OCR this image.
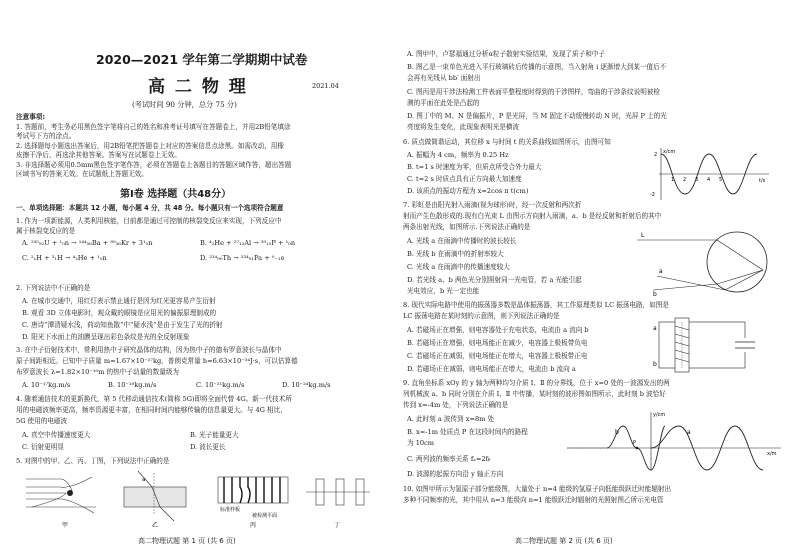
2020—2021 学年第二学期期中试卷
高 二 物 理	2021.04
(考试时间 90 分钟，总分 75 分)
注意事项:
1. 答题前，考生务必用黑色签字笔将自己的姓名和准考证号填写在答题卷上，并用2B铅笔填涂
考试号下方的涂点。
2. 选择题每小题选出答案后，用2B铅笔把答题卷上对应的答案信息点涂黑。如需改动，用橡
皮擦干净后，再选涂其他答案。答案写在试题卷上无效。
3. 非选择题必须用0.5mm黑色签字笔作答，必须在答题卷上各题目的答题区域作答，超出答题
区域书写的答案无效。在试题纸上答题无效。
第Ⅰ卷 选择题（共48分）
一、单项选择题：本题共 12 小题，每小题 4 分，共 48 分。每小题只有一个选项符合题意
1. 作为一项新能源，人类利用核能，目前都是通过可控制的核裂变反应来实现，下列反应中
属于核裂变反应的是
A. ²³⁵₉₂U + ¹₀n → ¹⁴⁴₅₆Ba + ⁸⁹₃₆Kr + 3¹₀n	B. ⁴₂He + ²⁷₁₃Al → ³⁰₁₅P + ¹₀n
C. ²₁H + ³₁H → ⁴₂He + ¹₀n	D. ²³⁴₉₀Th → ²³⁴₉₁Pa + ⁰₋₁e
2. 下列说法中不正确的是
A. 在城市交通中，用红灯表示禁止通行是因为红光更容易产生衍射
B. 观看 3D 立体电影时，观众戴的眼镜是应用光的偏振原理制成的
C. 唐诗“潭清疑水浅，荷动知鱼散”中“疑水浅”是由于发生了光的折射
D. 阳光下水面上的油膜呈现出彩色条纹是光的全反射现象
3. 在中子衍射技术中，常利用热中子研究晶体的结构，因为热中子的德布罗意波长与晶体中
原子间距相近。已知中子质量 m=1.67×10⁻²⁷kg，普朗克常量 h=6.63×10⁻³⁴J·s，可以估算德
布罗意波长 λ=1.82×10⁻¹⁰m 的热中子动量的数量级为
A. 10⁻¹⁷kg.m/s	B. 10⁻¹⁸kg.m/s	C. 10⁻²¹kg.m/s	D. 10⁻²⁴kg.m/s
4. 随着通信技术的更新换代，第 5 代移动通信技术(简称 5G)即将全面代替 4G。新一代技术所
用的电磁波频率更高，频率资源更丰富，在相同时间内能够传输的信息量更大。与 4G 相比，
5G 使用的电磁波
A. 真空中传播速度更大	B. 光子能量更大
C. 衍射更明显	D. 波长更长
5. 对图中的甲、乙、丙、丁图，下列说法中正确的是
甲
a
乙
标准样板
被检测平面
丙	丁
高二物理试题 第 1 页 (共 6 页)
A. 图甲中，卢瑟福通过分析α粒子散射实验结果，发现了质子和中子
B. 图乙是一束单色光进入平行玻璃砖后传播的示意图，当入射角 i 逐渐增大到某一值后不
会再有光线从 bb′ 面射出
C. 图丙是用干涉法检测工件表面平整程度时得到的干涉图样，弯曲的干涉条纹说明被检
测的平面在此处是凸起的
D. 图丁中的 M、N 是偏振片，P 是光屏，当 M 固定不动缓慢转动 N 时，光屏 P 上的光
亮度将发生变化，此现象表明光是横波
6. 质点做简谐运动，其位移 x 与时间 t 的关系曲线如图所示，由图可知
A. 振幅为 4 cm，频率为 0.25 Hz
B. t=1 s 时速度为零，但质点所受合外力最大
C. t=2 s 时质点具有正方向最大加速度
D. 该质点的振动方程为 x=2cos π t(cm)
x/cm
t/s
2
-2
1 2 3 4 5
7. 彩虹是由阳光射入雨滴(视为球形)时，经一次反射和两次折
射而产生色散形成的.现有白光束 L 由图示方向射入雨滴，a、b 是经反射和折射后的其中
两条出射光线，如图所示.下列说法正确的是
A. 光线 a 在雨滴中传播时的波长较长
B. 光线 b 在雨滴中的折射率较大
C. 光线 a 在雨滴中的传播速度较大
D. 若光线 a、b 两色光分别照射同一光电管，若 a 光能引起
光电效应，b 光一定也能
L
a
b
8. 现代实际电路中使用的振荡器多数是晶体振荡器，其工作原理类似 LC 振荡电路，如图是
LC 振荡电路在某时刻的示意图，则下列说法正确的是
A. 若磁场正在增强，则电容器处于充电状态，电流由 a 流向 b
B. 若磁场正在增强，则电场能正在减少，电容器上极板带负电
C. 若磁场正在减弱，则电场能正在增大，电容器上极板带正电
D. 若磁场正在减弱，则电场能正在增大，电流由 b 流向 a
a
b
9. 直角坐标系 xOy 的 y 轴为两种均匀介质 Ⅰ、Ⅱ 的分界线，位于 x=0 处的一波源发出的两
列机械波 a、b 同时分别在介质 Ⅰ、Ⅱ 中传播，某时刻的波形图如图所示，此时刻 b 波恰好
传到 x=-4m 处，下列说法正确的是
A. 此时刻 a 波传到 x=8m 处
B. x=-1m 处质点 P 在这段时间内的路程
为 10cm
C. 两列波的频率关系 fₐ=2fᵦ
D. 波源的起振方向沿 y 轴正方向
y/cm
x/m
P
a
b
10. 如图甲所示为氢原子部分能级图，大量处于 n=4 能级的氢原子向低能级跃迁时能辐射出
多种不同频率的光，其中用从 n=3 能级向 n=1 能级跃迁时辐射的光照射图乙所示光电管
高二物理试题 第 2 页 (共 6 页)
